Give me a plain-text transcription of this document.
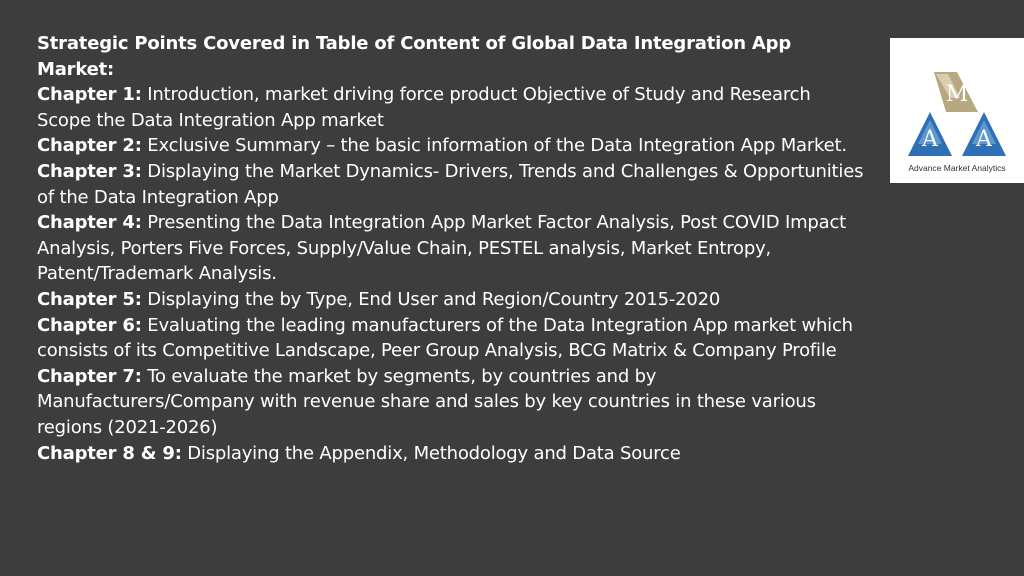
Strategic Points Covered in Table of Content of Global Data Integration App Market:
Chapter 1: Introduction, market driving force product Objective of Study and Research Scope the Data Integration App market
Chapter 2: Exclusive Summary – the basic information of the Data Integration App Market.
Chapter 3: Displaying the Market Dynamics- Drivers, Trends and Challenges & Opportunities of the Data Integration App
Chapter 4: Presenting the Data Integration App Market Factor Analysis, Post COVID Impact Analysis, Porters Five Forces, Supply/Value Chain, PESTEL analysis, Market Entropy, Patent/Trademark Analysis.
Chapter 5: Displaying the by Type, End User and Region/Country 2015-2020
Chapter 6: Evaluating the leading manufacturers of the Data Integration App market which consists of its Competitive Landscape, Peer Group Analysis, BCG Matrix & Company Profile
Chapter 7: To evaluate the market by segments, by countries and by Manufacturers/Company with revenue share and sales by key countries in these various regions (2021-2026)
Chapter 8 & 9: Displaying the Appendix, Methodology and Data Source
A
M
A
Advance Market Analytics
